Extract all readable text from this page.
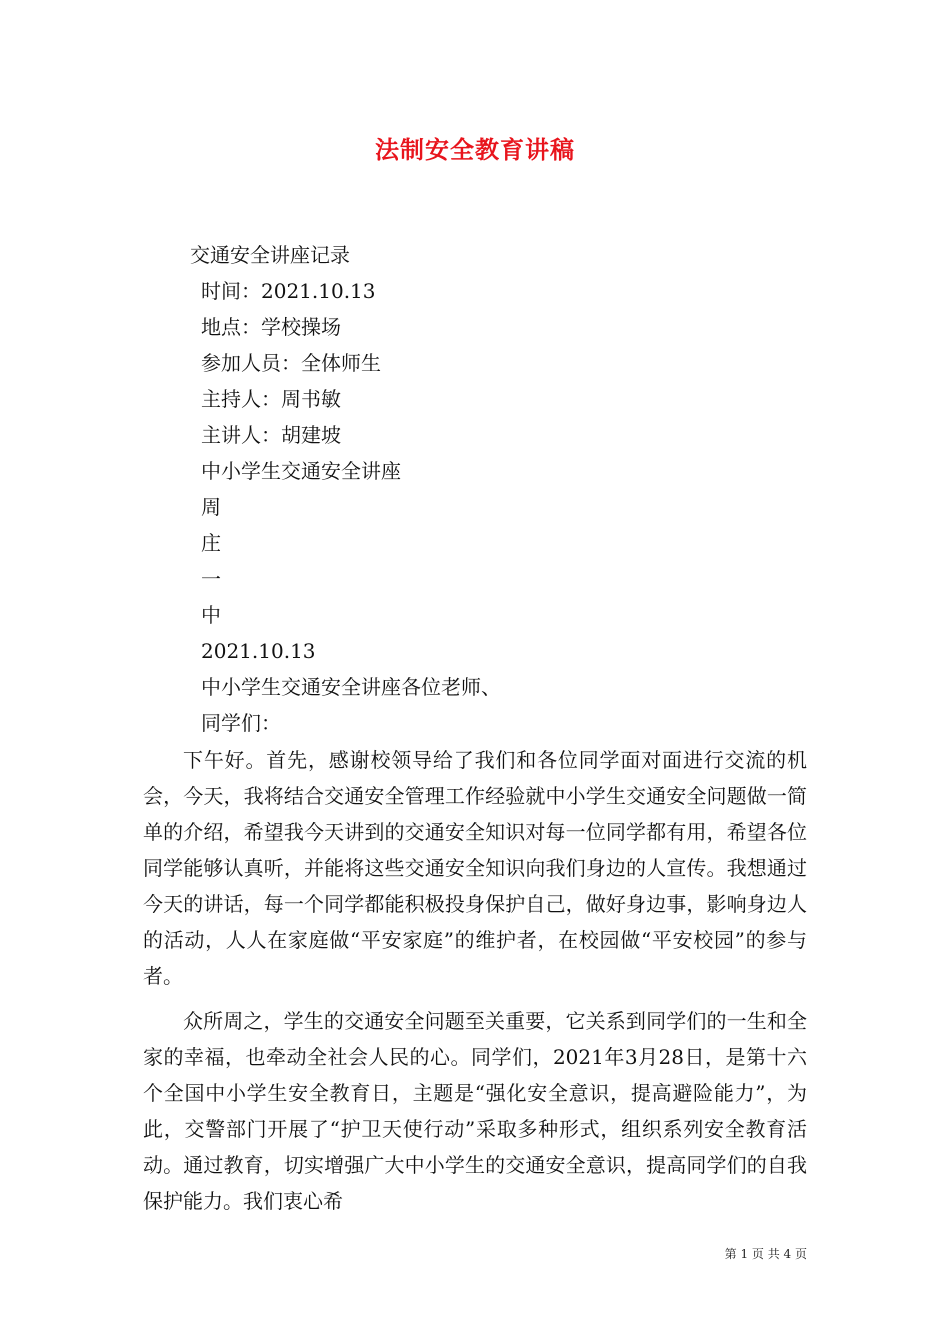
法制安全教育讲稿
交通安全讲座记录
时间：2021.10.13
地点：学校操场
参加人员：全体师生
主持人：周书敏
主讲人：胡建坡
中小学生交通安全讲座
周
庄
一
中
2021.10.13
中小学生交通安全讲座各位老师、
同学们：

下午好。首先，感谢校领导给了我们和各位同学面对面进行交流的机会，今天，我将结合交通安全管理工作经验就中小学生交通安全问题做一简单的介绍，希望我今天讲到的交通安全知识对每一位同学都有用，希望各位同学能够认真听，并能将这些交通安全知识向我们身边的人宣传。我想通过今天的讲话，每一个同学都能积极投身保护自己，做好身边事，影响身边人的活动，人人在家庭做“平安家庭”的维护者，在校园做“平安校园”的参与者。

众所周之，学生的交通安全问题至关重要，它关系到同学们的一生和全家的幸福，也牵动全社会人民的心。同学们，2021年3月28日，是第十六个全国中小学生安全教育日，主题是“强化安全意识，提高避险能力”，为此，交警部门开展了“护卫天使行动”采取多种形式，组织系列安全教育活动。通过教育，切实增强广大中小学生的交通安全意识，提高同学们的自我保护能力。我们衷心希

第 1 页 共 4 页
